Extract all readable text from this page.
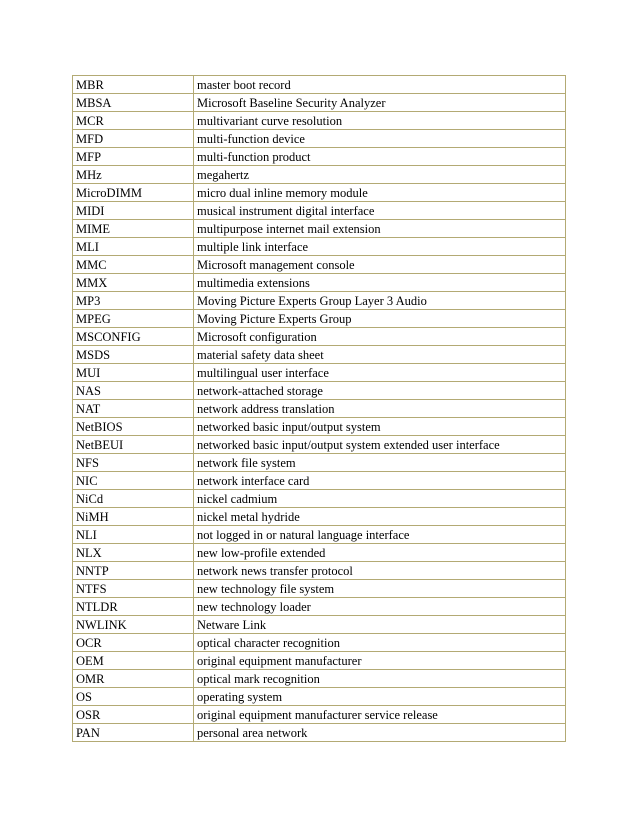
MBR	master boot record
MBSA	Microsoft Baseline Security Analyzer
MCR	multivariant curve resolution
MFD	multi-function device
MFP	multi-function product
MHz	megahertz
MicroDIMM	micro dual inline memory module
MIDI	musical instrument digital interface
MIME	multipurpose internet mail extension
MLI	multiple link interface
MMC	Microsoft management console
MMX	multimedia extensions
MP3	Moving Picture Experts Group Layer 3 Audio
MPEG	Moving Picture Experts Group
MSCONFIG	Microsoft configuration
MSDS	material safety data sheet
MUI	multilingual user interface
NAS	network-attached storage
NAT	network address translation
NetBIOS	networked basic input/output system
NetBEUI	networked basic input/output system extended user interface
NFS	network file system
NIC	network interface card
NiCd	nickel cadmium
NiMH	nickel metal hydride
NLI	not logged in or natural language interface
NLX	new low-profile extended
NNTP	network news transfer protocol
NTFS	new technology file system
NTLDR	new technology loader
NWLINK	Netware Link
OCR	optical character recognition
OEM	original equipment manufacturer
OMR	optical mark recognition
OS	operating system
OSR	original equipment manufacturer service release
PAN	personal area network
